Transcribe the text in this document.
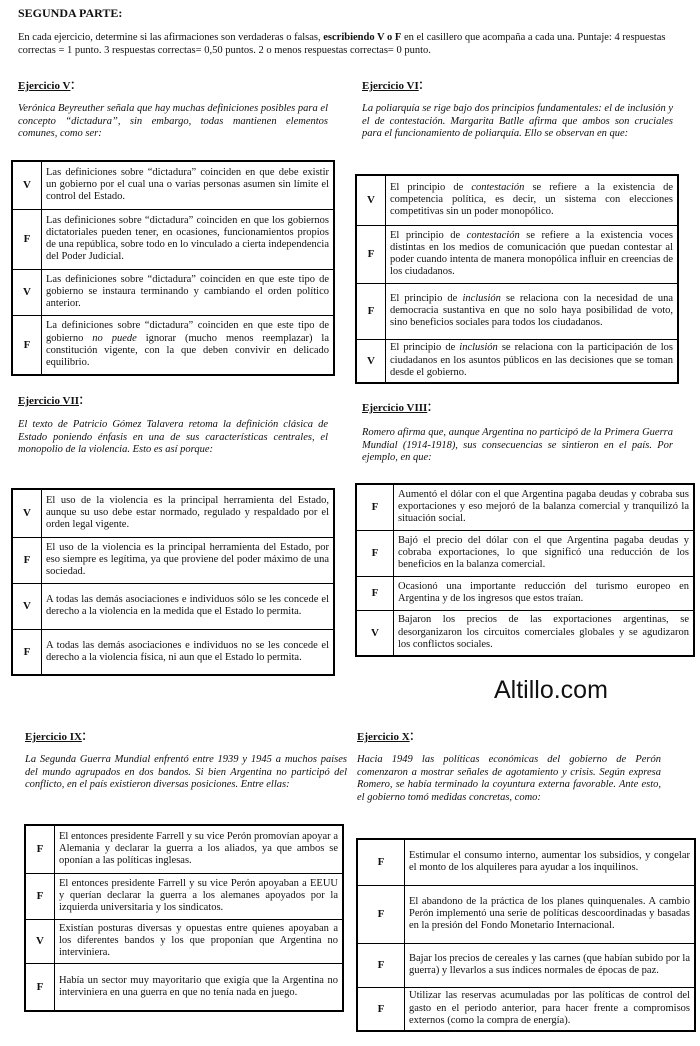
SEGUNDA PARTE:
En cada ejercicio, determine si las afirmaciones son verdaderas o falsas, escribiendo V o F en el casillero que acompaña a cada una. Puntaje: 4 respuestas correctas = 1 punto. 3 respuestas correctas= 0,50 puntos. 2 o menos respuestas correctas= 0 punto.
Ejercicio V:
Verónica Beyreuther señala que hay muchas definiciones posibles para el concepto “dictadura”, sin embargo, todas mantienen elementos comunes, como ser:
V	Las definiciones sobre “dictadura” coinciden en que debe existir un gobierno por el cual una o varias personas asumen sin límite el control del Estado.
F	Las definiciones sobre “dictadura” coinciden en que los gobiernos dictatoriales pueden tener, en ocasiones, funcionamientos propios de una república, sobre todo en lo vinculado a cierta independencia del Poder Judicial.
V	Las definiciones sobre “dictadura” coinciden en que este tipo de gobierno se instaura terminando y cambiando el orden político anterior.
F	La definiciones sobre “dictadura” coinciden en que este tipo de gobierno no puede ignorar (mucho menos reemplazar) la constitución vigente, con la que deben convivir en delicado equilibrio.
Ejercicio VI:
La poliarquía se rige bajo dos principios fundamentales: el de inclusión y el de contestación. Margarita Batlle afirma que ambos son cruciales para el funcionamiento de poliarquía. Ello se observan en que:
V	El principio de contestación se refiere a la existencia de competencia política, es decir, un sistema con elecciones competitivas sin un poder monopólico.
F	El principio de contestación se refiere a la existencia voces distintas en los medios de comunicación que puedan contestar al poder cuando intenta de manera monopólica influir en creencias de los ciudadanos.
F	El principio de inclusión se relaciona con la necesidad de una democracia sustantiva en que no solo haya posibilidad de voto, sino beneficios sociales para todos los ciudadanos.
V	El principio de inclusión se relaciona con la participación de los ciudadanos en los asuntos públicos en las decisiones que se toman desde el gobierno.
Ejercicio VII:
El texto de Patricio Gómez Talavera retoma la definición clásica de Estado poniendo énfasis en una de sus características centrales, el monopolio de la violencia. Esto es así porque:
V	El uso de la violencia es la principal herramienta del Estado, aunque su uso debe estar normado, regulado y respaldado por el orden legal vigente.
F	El uso de la violencia es la principal herramienta del Estado, por eso siempre es legítima, ya que proviene del poder máximo de una sociedad.
V	A todas las demás asociaciones e individuos sólo se les concede el derecho a la violencia en la medida que el Estado lo permita.
F	A todas las demás asociaciones e individuos no se les concede el derecho a la violencia física, ni aun que el Estado lo permita.
Ejercicio VIII:
Romero afirma que, aunque Argentina no participó de la Primera Guerra Mundial (1914-1918), sus consecuencias se sintieron en el país. Por ejemplo, en que:
F	Aumentó el dólar con el que Argentina pagaba deudas y cobraba sus exportaciones y eso mejoró de la balanza comercial y tranquilizó la situación social.
F	Bajó el precio del dólar con el que Argentina pagaba deudas y cobraba exportaciones, lo que significó una reducción de los beneficios en la balanza comercial.
F	Ocasionó una importante reducción del turismo europeo en Argentina y de los ingresos que estos traían.
V	Bajaron los precios de las exportaciones argentinas, se desorganizaron los circuitos comerciales globales y se agudizaron los conflictos sociales.
Altillo.com
Ejercicio IX:
La Segunda Guerra Mundial enfrentó entre 1939 y 1945 a muchos países del mundo agrupados en dos bandos. Si bien Argentina no participó del conflicto, en el país existieron diversas posiciones. Entre ellas:
F	El entonces presidente Farrell y su vice Perón promovían apoyar a Alemania y declarar la guerra a los aliados, ya que ambos se oponían a las políticas inglesas.
F	El entonces presidente Farrell y su vice Perón apoyaban a EEUU y querían declarar la guerra a los alemanes apoyados por la izquierda universitaria y los sindicatos.
V	Existían posturas diversas y opuestas entre quienes apoyaban a los diferentes bandos y los que proponían que Argentina no interviniera.
F	Había un sector muy mayoritario que exigía que la Argentina no interviniera en una guerra en que no tenía nada en juego.
Ejercicio X:
Hacia 1949 las políticas económicas del gobierno de Perón comenzaron a mostrar señales de agotamiento y crisis. Según expresa Romero, se había terminado la coyuntura externa favorable. Ante esto, el gobierno tomó medidas concretas, como:
F	Estimular el consumo interno, aumentar los subsidios, y congelar el monto de los alquileres para ayudar a los inquilinos.
F	El abandono de la práctica de los planes quinquenales. A cambio Perón implementó una serie de políticas descoordinadas y basadas en la presión del Fondo Monetario Internacional.
F	Bajar los precios de cereales y las carnes (que habían subido por la guerra) y llevarlos a sus índices normales de épocas de paz.
F	Utilizar las reservas acumuladas por las políticas de control del gasto en el periodo anterior, para hacer frente a compromisos externos (como la compra de energía).
